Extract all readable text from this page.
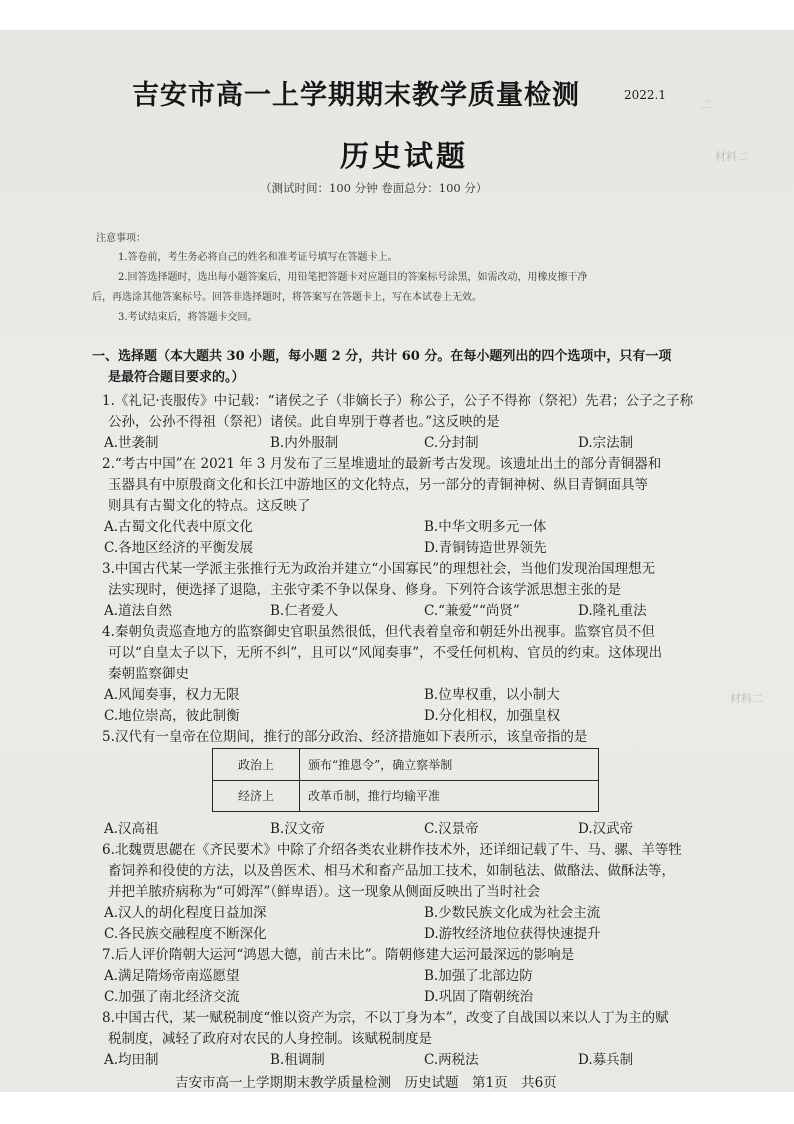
二
材料二
材料二
吉安市高一上学期期末教学质量检测	2022.1
历史试题
（测试时间：100 分钟 卷面总分：100 分）
注意事项：
1.答卷前，考生务必将自己的姓名和准考证号填写在答题卡上。
2.回答选择题时，选出每小题答案后，用铅笔把答题卡对应题目的答案标号涂黑，如需改动，用橡皮擦干净
后，再选涂其他答案标号。回答非选择题时，将答案写在答题卡上，写在本试卷上无效。
3.考试结束后，将答题卡交回。
一、选择题（本大题共 30 小题，每小题 2 分，共计 60 分。在每小题列出的四个选项中，只有一项
是最符合题目要求的。）
1.《礼记·丧服传》中记载：“诸侯之子（非嫡长子）称公子，公子不得祢（祭祀）先君；公子之子称
公孙，公孙不得祖（祭祀）诸侯。此自卑别于尊者也。”这反映的是
A.世袭制	B.内外服制	C.分封制	D.宗法制
2.“考古中国”在 2021 年 3 月发布了三星堆遗址的最新考古发现。该遗址出土的部分青铜器和
玉器具有中原殷商文化和长江中游地区的文化特点，另一部分的青铜神树、纵目青铜面具等
则具有古蜀文化的特点。这反映了
A.古蜀文化代表中原文化	B.中华文明多元一体
C.各地区经济的平衡发展	D.青铜铸造世界领先
3.中国古代某一学派主张推行无为政治并建立“小国寡民”的理想社会，当他们发现治国理想无
法实现时，便选择了退隐，主张守柔不争以保身、修身。下列符合该学派思想主张的是
A.道法自然	B.仁者爱人	C.“兼爱”“尚贤”	D.隆礼重法
4.秦朝负责巡查地方的监察御史官职虽然很低，但代表着皇帝和朝廷外出视事。监察官员不但
可以“自皇太子以下，无所不纠”，且可以“风闻奏事”，不受任何机构、官员的约束。这体现出
秦朝监察御史
A.风闻奏事，权力无限	B.位卑权重，以小制大
C.地位崇高，彼此制衡	D.分化相权，加强皇权
5.汉代有一皇帝在位期间，推行的部分政治、经济措施如下表所示，该皇帝指的是
政治上	颁布“推恩令”，确立察举制
经济上	改革币制，推行均输平准
A.汉高祖	B.汉文帝	C.汉景帝	D.汉武帝
6.北魏贾思勰在《齐民要术》中除了介绍各类农业耕作技术外，还详细记载了牛、马、骡、羊等牲
畜饲养和役使的方法，以及兽医术、相马术和畜产品加工技术，如制毡法、做酪法、做酥法等，
并把羊脓疥病称为“可姆浑”（鲜卑语）。这一现象从侧面反映出了当时社会
A.汉人的胡化程度日益加深	B.少数民族文化成为社会主流
C.各民族交融程度不断深化	D.游牧经济地位获得快速提升
7.后人评价隋朝大运河“鸿恩大德，前古未比”。隋朝修建大运河最深远的影响是
A.满足隋炀帝南巡愿望	B.加强了北部边防
C.加强了南北经济交流	D.巩固了隋朝统治
8.中国古代，某一赋税制度“惟以资产为宗，不以丁身为本”，改变了自战国以来以人丁为主的赋
税制度，减轻了政府对农民的人身控制。该赋税制度是
A.均田制	B.租调制	C.两税法	D.募兵制
吉安市高一上学期期末教学质量检测　历史试题　第1页　共6页
